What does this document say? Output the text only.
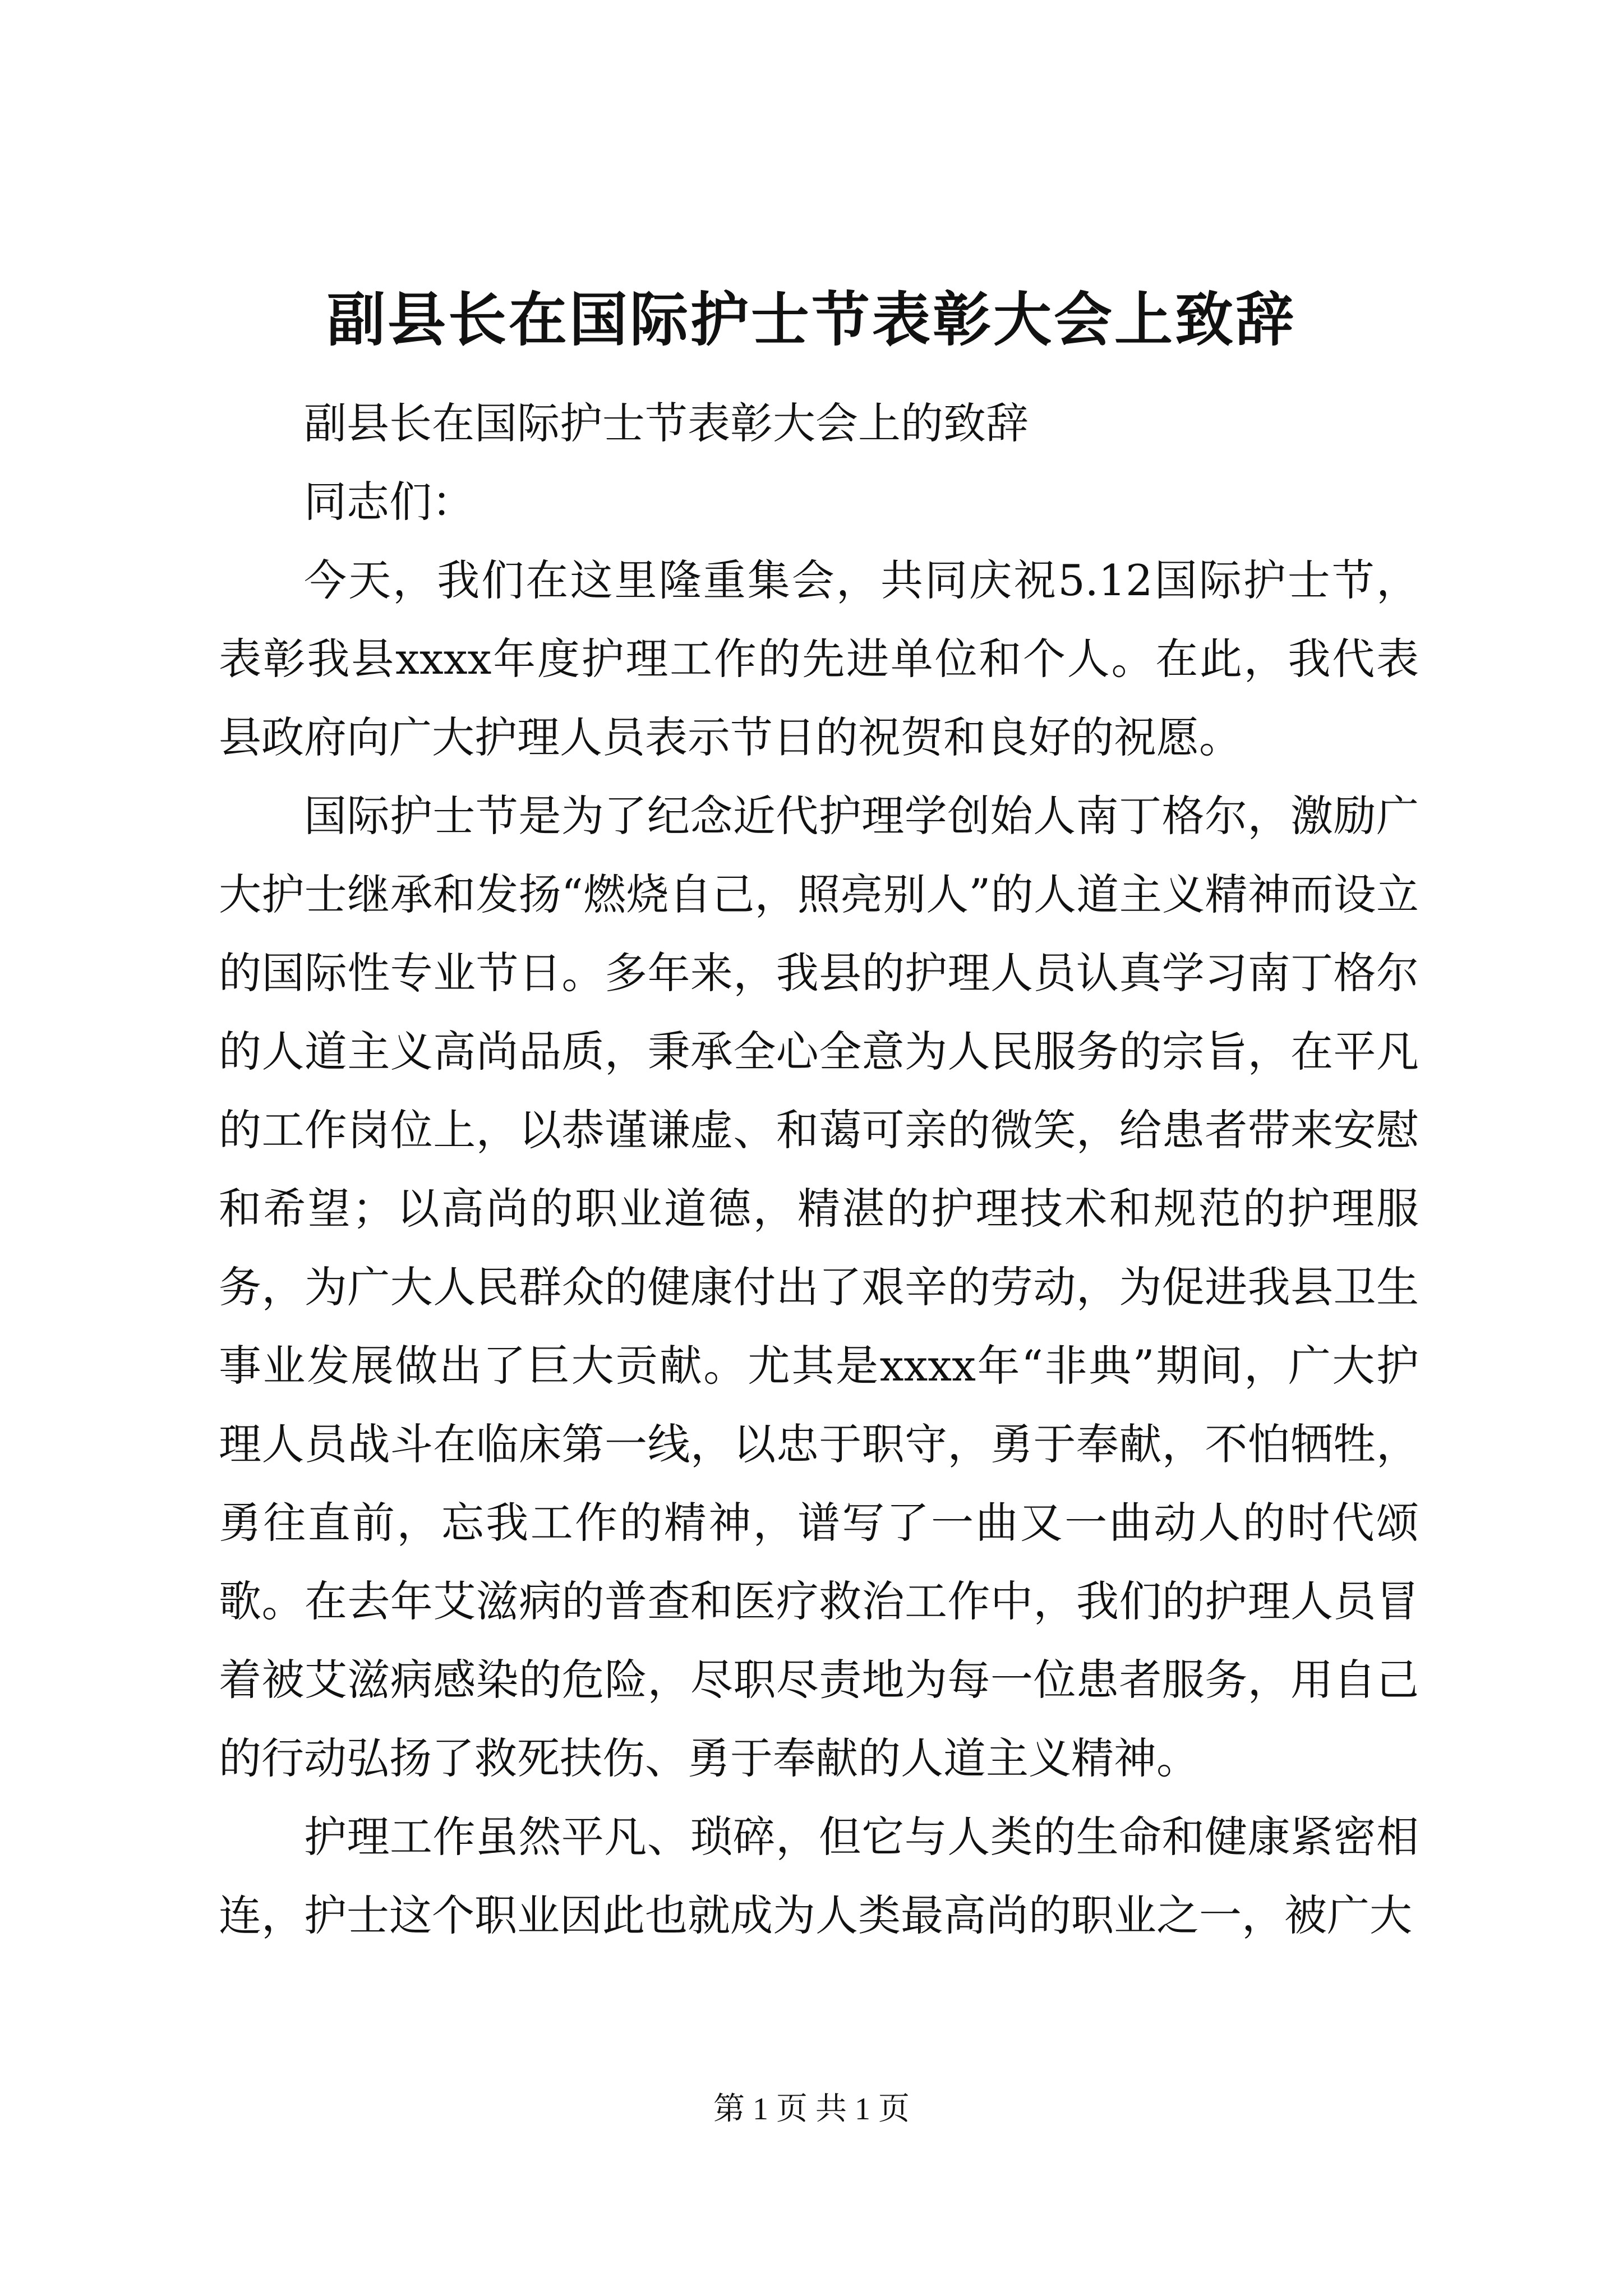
副县长在国际护士节表彰大会上致辞

副县长在国际护士节表彰大会上的致辞

同志们：

今天，我们在这里隆重集会，共同庆祝5.12国际护士节，表彰我县xxxx年度护理工作的先进单位和个人。在此，我代表县政府向广大护理人员表示节日的祝贺和良好的祝愿。

国际护士节是为了纪念近代护理学创始人南丁格尔，激励广大护士继承和发扬“燃烧自己，照亮别人”的人道主义精神而设立的国际性专业节日。多年来，我县的护理人员认真学习南丁格尔的人道主义高尚品质，秉承全心全意为人民服务的宗旨，在平凡的工作岗位上，以恭谨谦虚、和蔼可亲的微笑，给患者带来安慰和希望；以高尚的职业道德，精湛的护理技术和规范的护理服务，为广大人民群众的健康付出了艰辛的劳动，为促进我县卫生事业发展做出了巨大贡献。尤其是xxxx年“非典”期间，广大护理人员战斗在临床第一线，以忠于职守，勇于奉献，不怕牺牲，勇往直前，忘我工作的精神，谱写了一曲又一曲动人的时代颂歌。在去年艾滋病的普查和医疗救治工作中，我们的护理人员冒着被艾滋病感染的危险，尽职尽责地为每一位患者服务，用自己的行动弘扬了救死扶伤、勇于奉献的人道主义精神。

护理工作虽然平凡、琐碎，但它与人类的生命和健康紧密相连，护士这个职业因此也就成为人类最高尚的职业之一，被广大

第 1 页 共 1 页
